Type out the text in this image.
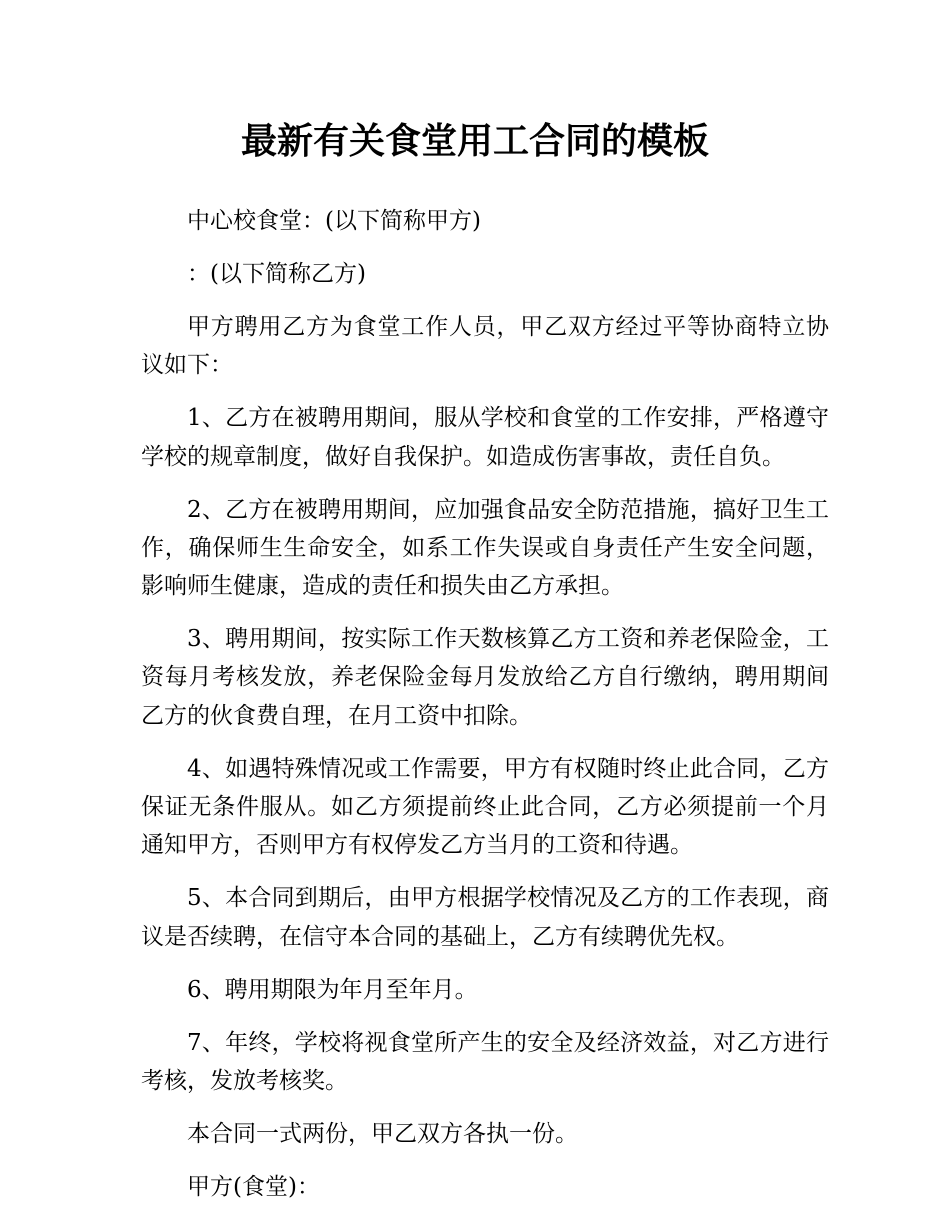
最新有关食堂用工合同的模板

中心校食堂：(以下简称甲方)

：(以下简称乙方)

甲方聘用乙方为食堂工作人员，甲乙双方经过平等协商特立协议如下：

1、乙方在被聘用期间，服从学校和食堂的工作安排，严格遵守学校的规章制度，做好自我保护。如造成伤害事故，责任自负。

2、乙方在被聘用期间，应加强食品安全防范措施，搞好卫生工作，确保师生生命安全，如系工作失误或自身责任产生安全问题，影响师生健康，造成的责任和损失由乙方承担。

3、聘用期间，按实际工作天数核算乙方工资和养老保险金，工资每月考核发放，养老保险金每月发放给乙方自行缴纳，聘用期间乙方的伙食费自理，在月工资中扣除。

4、如遇特殊情况或工作需要，甲方有权随时终止此合同，乙方保证无条件服从。如乙方须提前终止此合同，乙方必须提前一个月通知甲方，否则甲方有权停发乙方当月的工资和待遇。

5、本合同到期后，由甲方根据学校情况及乙方的工作表现，商议是否续聘，在信守本合同的基础上，乙方有续聘优先权。

6、聘用期限为年月至年月。

7、年终，学校将视食堂所产生的安全及经济效益，对乙方进行考核，发放考核奖。

本合同一式两份，甲乙双方各执一份。

甲方(食堂)：
